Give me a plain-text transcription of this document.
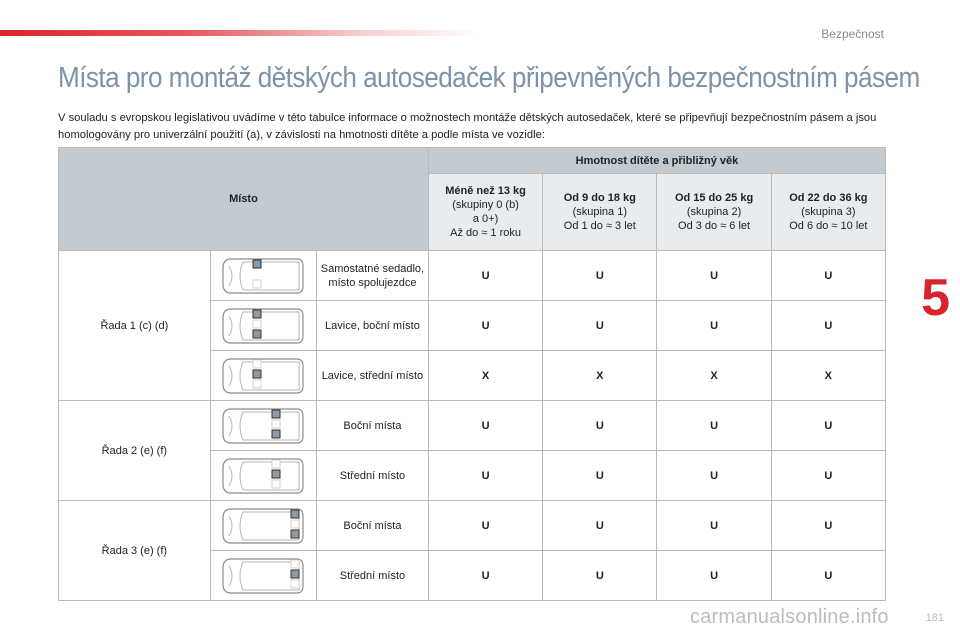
Bezpečnost
5
Místa pro montáž dětských autosedaček připevněných bezpečnostním pásem
V souladu s evropskou legislativou uvádíme v této tabulce informace o možnostech montáže dětských autosedaček, které se připevňují bezpečnostním pásem a jsou homologovány pro univerzální použití (a), v závislosti na hmotnosti dítěte a podle místa ve vozidle:
Místo			Hmotnost dítěte a přibližný věk			

			Méně než 13 kg
(skupiny 0 (b)
a 0+)
Až do ≈ 1 roku	Od 9 do 18 kg
(skupina 1)
Od 1 do ≈ 3 let	Od 15 do 25 kg
(skupina 2)
Od 3 do ≈ 6 let	Od 22 do 36 kg
(skupina 3)
Od 6 do ≈ 10 let
Řada 1 (c) (d)		Samostatné sedadlo, místo spolujezdce	U	U	U	U

	Lavice, boční místo	U	U	U	U

	Lavice, střední místo	X	X	X	X
Řada 2 (e) (f)		Boční místa	U	U	U	U

	Střední místo	U	U	U	U
Řada 3 (e) (f)		Boční místa	U	U	U	U

	Střední místo	U	U	U	U
181
carmanualsonline.info
